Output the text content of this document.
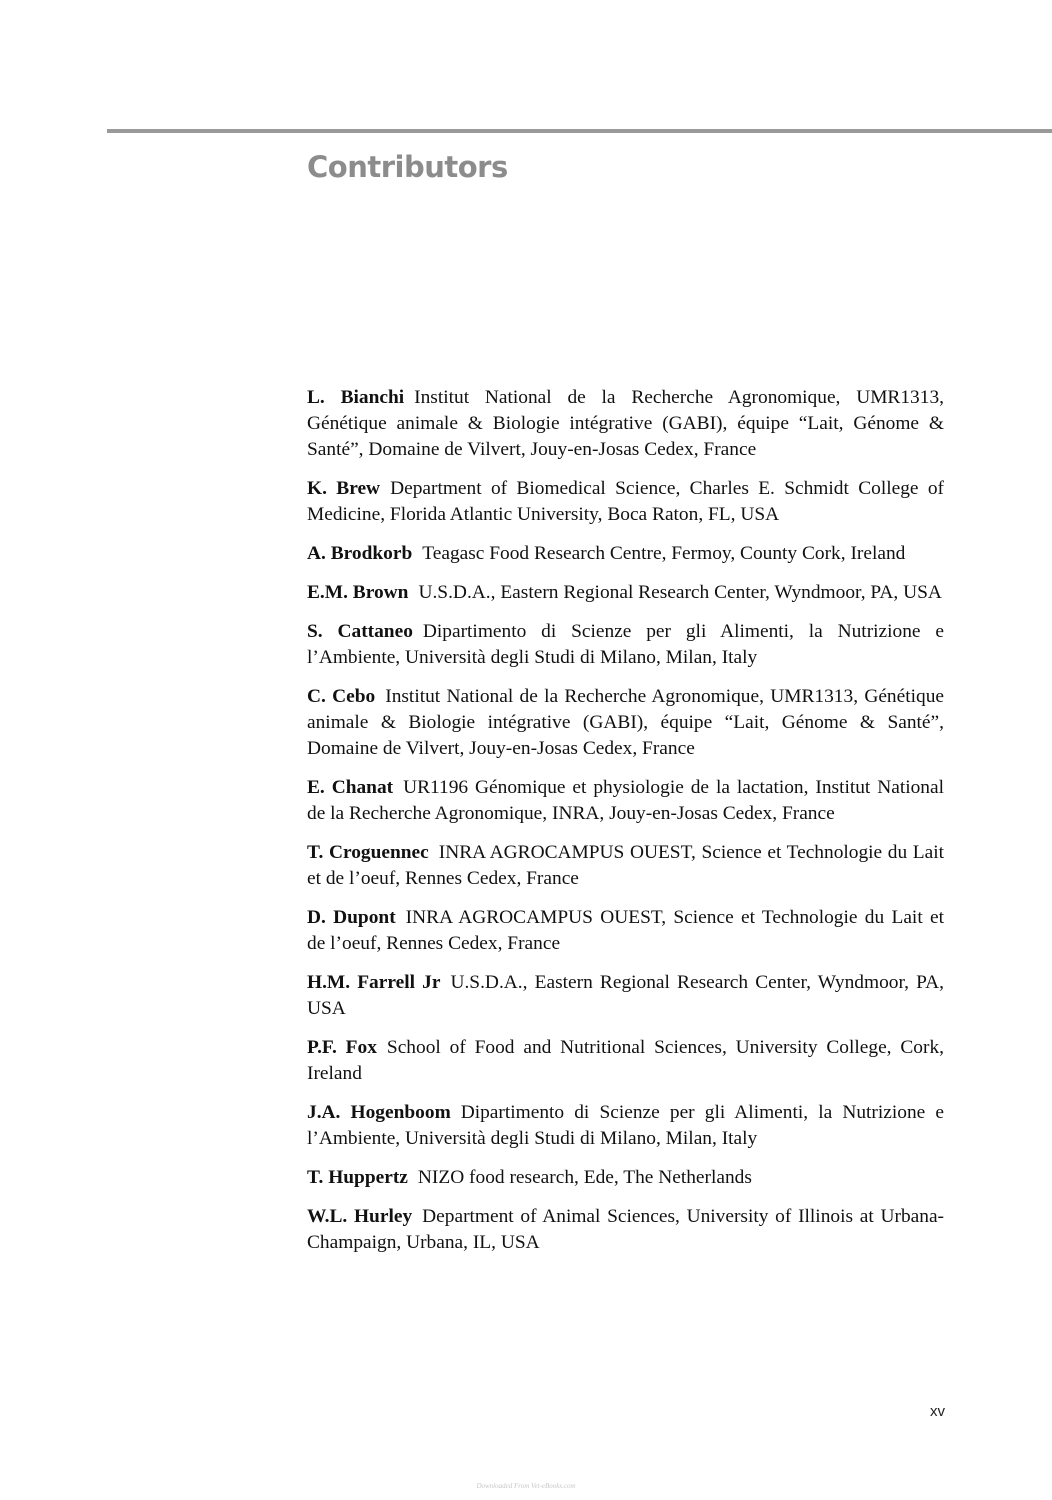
Contributors

L. Bianchi Institut National de la Recherche Agronomique, UMR1313, Génétique animale & Biologie intégrative (GABI), équipe “Lait, Génome & Santé”, Domaine de Vilvert, Jouy-en-Josas Cedex, France

K. Brew Department of Biomedical Science, Charles E. Schmidt College of Medicine, Florida Atlantic University, Boca Raton, FL, USA

A. Brodkorb Teagasc Food Research Centre, Fermoy, County Cork, Ireland

E.M. Brown U.S.D.A., Eastern Regional Research Center, Wyndmoor, PA, USA

S. Cattaneo Dipartimento di Scienze per gli Alimenti, la Nutrizione e l’Ambiente, Università degli Studi di Milano, Milan, Italy

C. Cebo Institut National de la Recherche Agronomique, UMR1313, Génétique animale & Biologie intégrative (GABI), équipe “Lait, Génome & Santé”, Domaine de Vilvert, Jouy-en-Josas Cedex, France

E. Chanat UR1196 Génomique et physiologie de la lactation, Institut National de la Recherche Agronomique, INRA, Jouy-en-Josas Cedex, France

T. Croguennec INRA AGROCAMPUS OUEST, Science et Technologie du Lait et de l’oeuf, Rennes Cedex, France

D. Dupont INRA AGROCAMPUS OUEST, Science et Technologie du Lait et de l’oeuf, Rennes Cedex, France

H.M. Farrell Jr U.S.D.A., Eastern Regional Research Center, Wyndmoor, PA, USA

P.F. Fox School of Food and Nutritional Sciences, University College, Cork, Ireland

J.A. Hogenboom Dipartimento di Scienze per gli Alimenti, la Nutrizione e l’Ambiente, Università degli Studi di Milano, Milan, Italy

T. Huppertz NIZO food research, Ede, The Netherlands

W.L. Hurley Department of Animal Sciences, University of Illinois at Urbana-Champaign, Urbana, IL, USA

xv
Downloaded From Vet-eBooks.com
